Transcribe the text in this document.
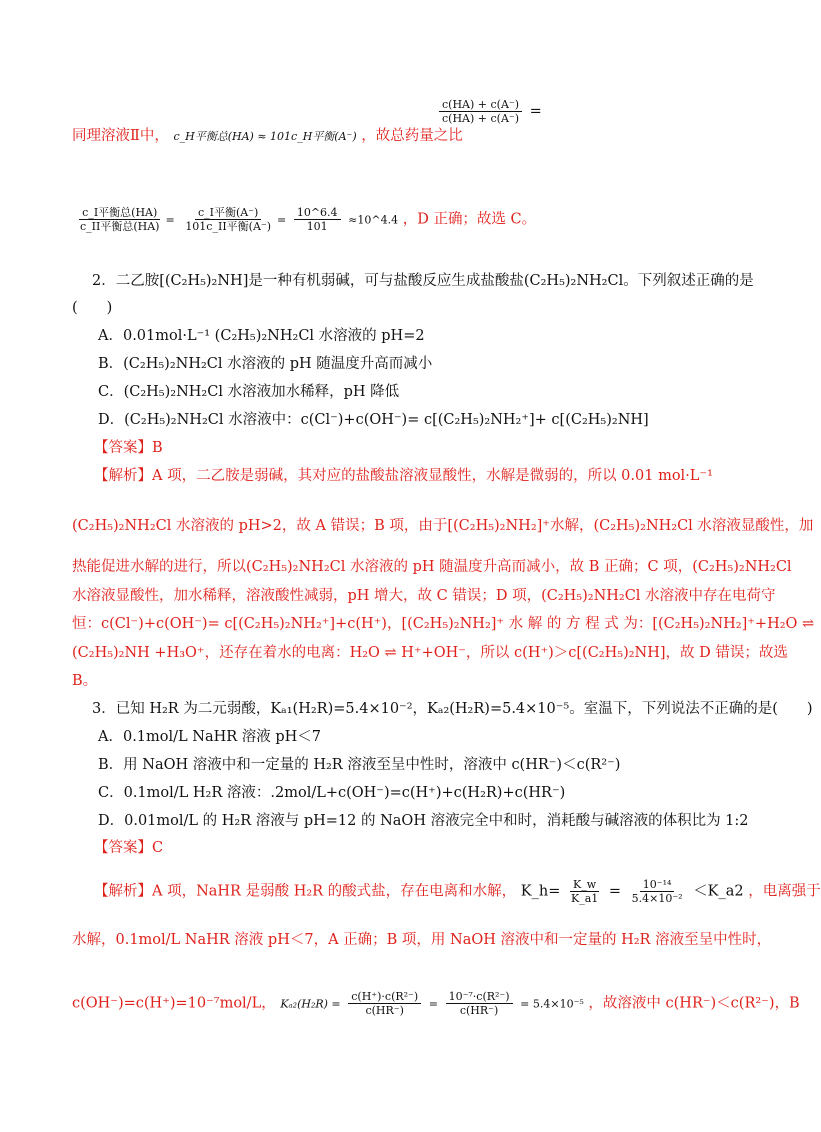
同理溶液Ⅱ中， c_H平衡总(HA) ≈ 101c_H平衡(A⁻) ，故总药量之比
$\frac{c(HA) + c(A^-)}{c(HA) + c(A^-)}$ =
$\frac{\text{c\_I平衡总(HA)}}{\text{c\_II平衡总(HA)}} = \frac{\text{c\_I平衡(A⁻)}}{\text{101c\_II平衡(A⁻)}} = \frac{10\^{}6.4}{101}$ ≈10^4.4 ，D 正确；故选 C。
2．二乙胺[(C₂H₅)₂NH]是一种有机弱碱，可与盐酸反应生成盐酸盐(C₂H₅)₂NH₂Cl。下列叙述正确的是
(　　)
A．0.01mol·L⁻¹ (C₂H₅)₂NH₂Cl 水溶液的 pH=2
B．(C₂H₅)₂NH₂Cl 水溶液的 pH 随温度升高而减小
C．(C₂H₅)₂NH₂Cl 水溶液加水稀释，pH 降低
D．(C₂H₅)₂NH₂Cl 水溶液中：c(Cl⁻)+c(OH⁻)= c[(C₂H₅)₂NH₂⁺]+ c[(C₂H₅)₂NH]
【答案】B
【解析】A 项，二乙胺是弱碱，其对应的盐酸盐溶液显酸性，水解是微弱的，所以 0.01 mol·L⁻¹
(C₂H₅)₂NH₂Cl 水溶液的 pH>2，故 A 错误；B 项，由于[(C₂H₅)₂NH₂]⁺水解，(C₂H₅)₂NH₂Cl 水溶液显酸性，加
热能促进水解的进行，所以(C₂H₅)₂NH₂Cl 水溶液的 pH 随温度升高而减小，故 B 正确；C 项，(C₂H₅)₂NH₂Cl
水溶液显酸性，加水稀释，溶液酸性减弱，pH 增大，故 C 错误；D 项，(C₂H₅)₂NH₂Cl 水溶液中存在电荷守
恒：c(Cl⁻)+c(OH⁻)= c[(C₂H₅)₂NH₂⁺]+c(H⁺)，[(C₂H₅)₂NH₂]⁺ 水 解 的 方 程 式 为：[(C₂H₅)₂NH₂]⁺+H₂O ⇌
(C₂H₅)₂NH +H₃O⁺，还存在着水的电离：H₂O ⇌ H⁺+OH⁻，所以 c(H⁺)＞c[(C₂H₅)₂NH]，故 D 错误；故选
B。
3．已知 H₂R 为二元弱酸，Kₐ₁(H₂R)=5.4×10⁻²，Kₐ₂(H₂R)=5.4×10⁻⁵。室温下，下列说法不正确的是(　　)
A．0.1mol/L NaHR 溶液 pH＜7
B．用 NaOH 溶液中和一定量的 H₂R 溶液至呈中性时，溶液中 c(HR⁻)＜c(R²⁻)
C．0.1mol/L H₂R 溶液：.2mol/L+c(OH⁻)=c(H⁺)+c(H₂R)+c(HR⁻)
D．0.01mol/L 的 H₂R 溶液与 pH=12 的 NaOH 溶液完全中和时，消耗酸与碱溶液的体积比为 1:2
【答案】C
【解析】A 项，NaHR 是弱酸 H₂R 的酸式盐，存在电离和水解， K_h= $\frac{K\_w}{K\_a1} = \frac{\text{10⁻¹⁴}}{\text{5.4×10⁻²}}$ ＜K_a2 ，电离强于
水解，0.1mol/L NaHR 溶液 pH＜7，A 正确；B 项，用 NaOH 溶液中和一定量的 H₂R 溶液至呈中性时，
c(OH⁻)=c(H⁺)=10⁻⁷mol/L， $K_{a2}(H_2R) = \frac{\text{c(H⁺)·c(R²⁻)}}{c(HR^-)} = \frac{\text{10⁻⁷·c(R²⁻)}}{c(HR^-)} = 5.4\times 10^{-5}$ ，故溶液中 c(HR⁻)＜c(R²⁻)，B
